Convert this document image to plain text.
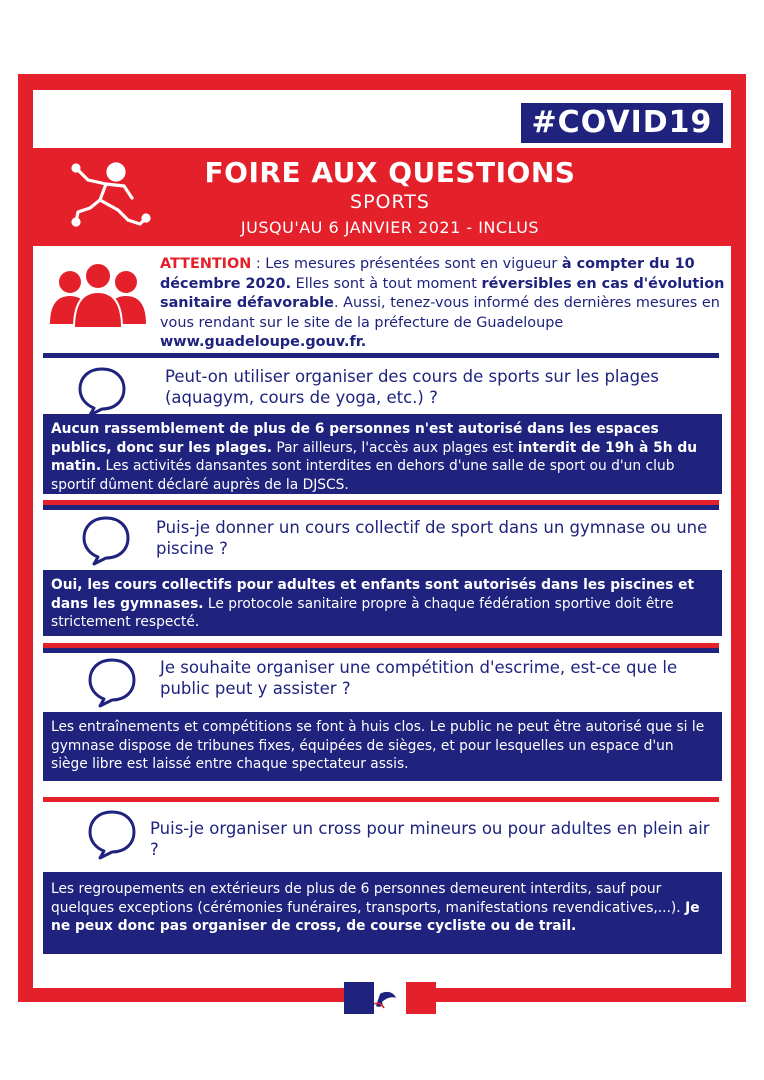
#COVID19
FOIRE AUX QUESTIONS
SPORTS
JUSQU'AU 6 JANVIER 2021 - INCLUS
ATTENTION : Les mesures présentées sont en vigueur à compter du 10 décembre 2020. Elles sont à tout moment réversibles en cas d'évolution sanitaire défavorable. Aussi, tenez-vous informé des dernières mesures en vous rendant sur le site de la préfecture de Guadeloupe www.guadeloupe.gouv.fr.
Peut-on utiliser organiser des cours de sports sur les plages (aquagym, cours de yoga, etc.) ?
Aucun rassemblement de plus de 6 personnes n'est autorisé dans les espaces publics, donc sur les plages. Par ailleurs, l'accès aux plages est interdit de 19h à 5h du matin. Les activités dansantes sont interdites en dehors d'une salle de sport ou d'un club sportif dûment déclaré auprès de la DJSCS.
Puis-je donner un cours collectif de sport dans un gymnase ou une piscine ?
Oui, les cours collectifs pour adultes et enfants sont autorisés dans les piscines et dans les gymnases. Le protocole sanitaire propre à chaque fédération sportive doit être strictement respecté.
Je souhaite organiser une compétition d'escrime, est-ce que le public peut y assister ?
Les entraînements et compétitions se font à huis clos. Le public ne peut être autorisé que si le gymnase dispose de tribunes fixes, équipées de sièges, et pour lesquelles un espace d'un siège libre est laissé entre chaque spectateur assis.
Puis-je organiser un cross pour mineurs ou pour adultes en plein air ?
Les regroupements en extérieurs de plus de 6 personnes demeurent interdits, sauf pour quelques exceptions (cérémonies funéraires, transports, manifestations revendicatives,...). Je ne peux donc pas organiser de cross, de course cycliste ou de trail.
